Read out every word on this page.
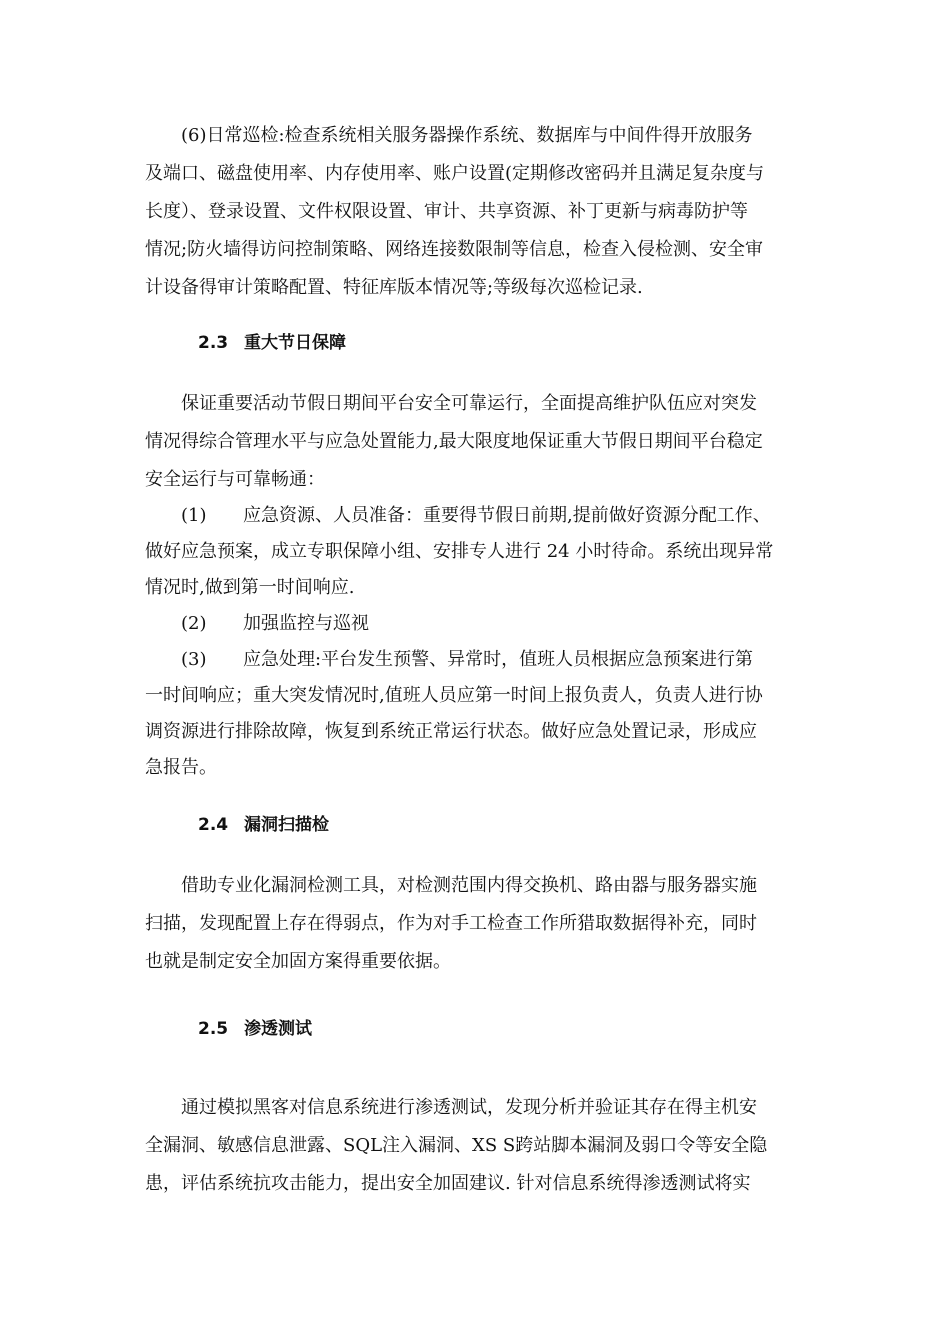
(6)日常巡检:检查系统相关服务器操作系统、数据库与中间件得开放服务
及端口、磁盘使用率、内存使用率、账户设置(定期修改密码并且满足复杂度与
长度）、登录设置、文件权限设置、审计、共享资源、补丁更新与病毒防护等
情况;防火墙得访问控制策略、网络连接数限制等信息，检查入侵检测、安全审
计设备得审计策略配置、特征库版本情况等;等级每次巡检记录.
2.3 重大节日保障
保证重要活动节假日期间平台安全可靠运行，全面提高维护队伍应对突发
情况得综合管理水平与应急处置能力,最大限度地保证重大节假日期间平台稳定
安全运行与可靠畅通：
(1) 应急资源、人员准备：重要得节假日前期,提前做好资源分配工作、
做好应急预案，成立专职保障小组、安排专人进行 24 小时待命。系统出现异常
情况时,做到第一时间响应.
(2) 加强监控与巡视
(3) 应急处理:平台发生预警、异常时，值班人员根据应急预案进行第
一时间响应；重大突发情况时,值班人员应第一时间上报负责人，负责人进行协
调资源进行排除故障，恢复到系统正常运行状态。做好应急处置记录，形成应
急报告。
2.4 漏洞扫描检
借助专业化漏洞检测工具，对检测范围内得交换机、路由器与服务器实施
扫描，发现配置上存在得弱点，作为对手工检查工作所猎取数据得补充，同时
也就是制定安全加固方案得重要依据。
2.5 渗透测试
通过模拟黑客对信息系统进行渗透测试，发现分析并验证其存在得主机安
全漏洞、敏感信息泄露、SQL注入漏洞、XS S跨站脚本漏洞及弱口令等安全隐
患，评估系统抗攻击能力，提出安全加固建议. 针对信息系统得渗透测试将实
